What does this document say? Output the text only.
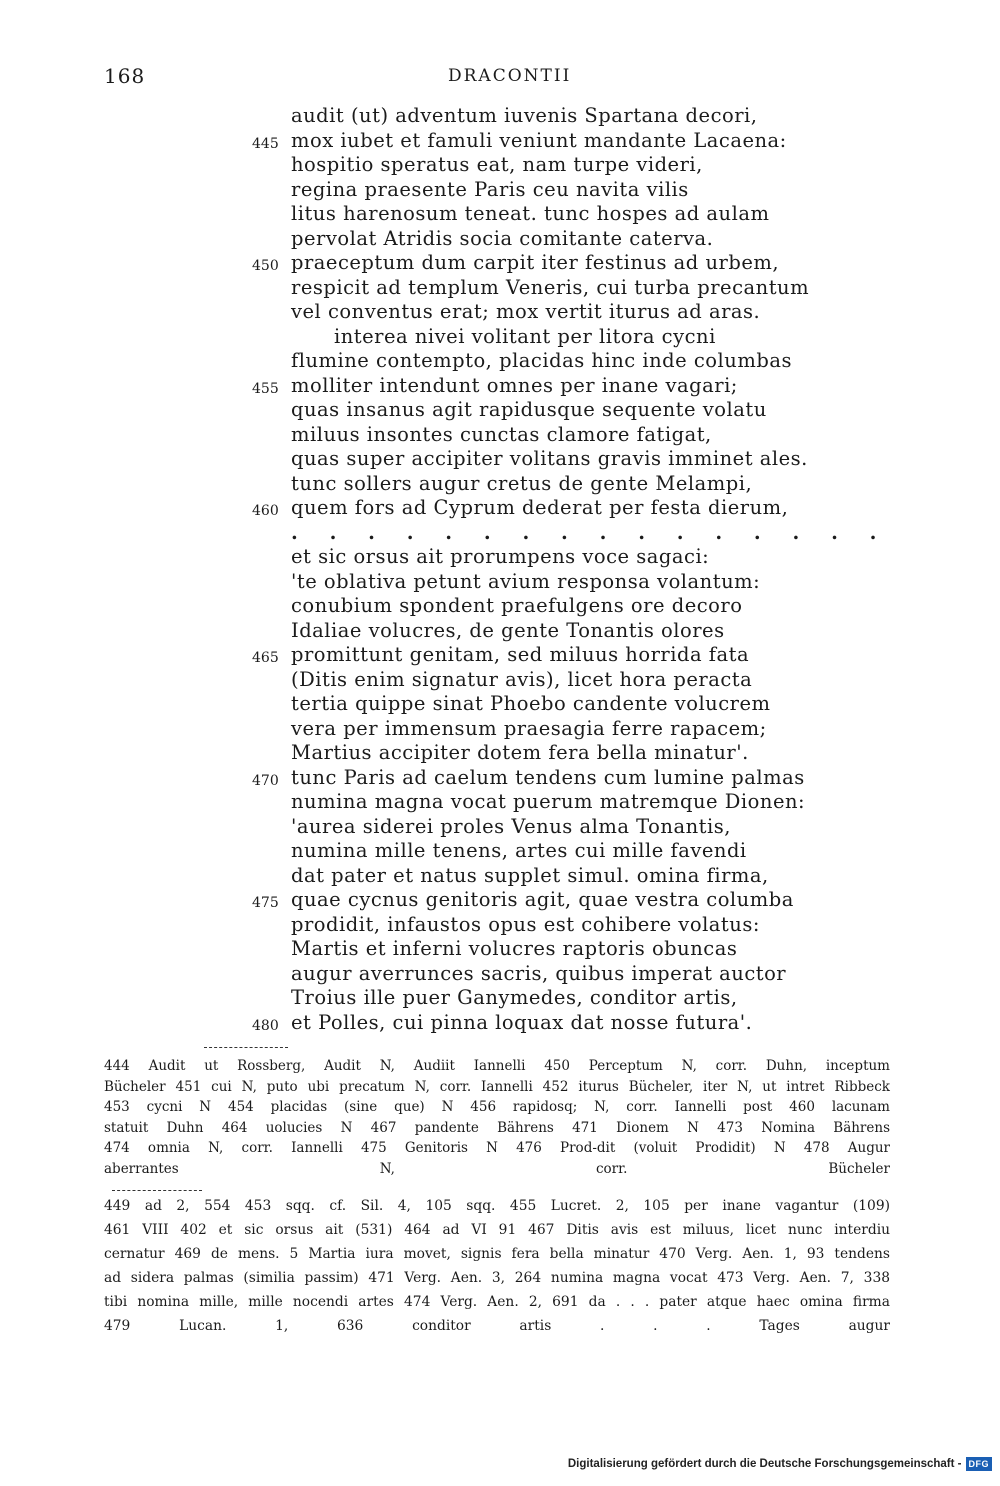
168	DRACONTII
audit (ut) adventum iuvenis Spartana decori,
445 mox iubet et famuli veniunt mandante Lacaena:
hospitio speratus eat, nam turpe videri,
regina praesente Paris ceu navita vilis
litus harenosum teneat. tunc hospes ad aulam
pervolat Atridis socia comitante caterva.
450 praeceptum dum carpit iter festinus ad urbem,
respicit ad templum Veneris, cui turba precantum
vel conventus erat; mox vertit iturus ad aras.
interea nivei volitant per litora cycni
flumine contempto, placidas hinc inde columbas
455 molliter intendunt omnes per inane vagari;
quas insanus agit rapidusque sequente volatu
miluus insontes cunctas clamore fatigat,
quas super accipiter volitans gravis imminet ales.
tunc sollers augur cretus de gente Melampi,
460 quem fors ad Cyprum dederat per festa dierum,
. . . . . . . . . . . . . . . .
et sic orsus ait prorumpens voce sagaci:
'te oblativa petunt avium responsa volantum:
conubium spondent praefulgens ore decoro
Idaliae volucres, de gente Tonantis olores
465 promittunt genitam, sed miluus horrida fata
(Ditis enim signatur avis), licet hora peracta
tertia quippe sinat Phoebo candente volucrem
vera per immensum praesagia ferre rapacem;
Martius accipiter dotem fera bella minatur'.
470 tunc Paris ad caelum tendens cum lumine palmas
numina magna vocat puerum matremque Dionen:
'aurea siderei proles Venus alma Tonantis,
numina mille tenens, artes cui mille favendi
dat pater et natus supplet simul. omina firma,
475 quae cycnus genitoris agit, quae vestra columba
prodidit, infaustos opus est cohibere volatus:
Martis et inferni volucres raptoris obuncas
augur averrunces sacris, quibus imperat auctor
Troius ille puer Ganymedes, conditor artis,
480 et Polles, cui pinna loquax dat nosse futura'.
444 Audit ut Rossberg, Audit N, Audiit Iannelli 450 Perceptum N, corr. Duhn, inceptum
Bücheler 451 cui N, puto ubi precatum N, corr. Iannelli 452 iturus Bücheler, iter N, ut intret Ribbeck
453 cycni N 454 placidas (sine que) N 456 rapidosq; N, corr. Iannelli post 460 lacunam
statuit Duhn 464 uolucies N 467 pandente Bährens 471 Dionem N 473 Nomina Bährens
474 omnia N, corr. Iannelli 475 Genitoris N 476 Prod-dit (voluit Prodidit) N 478 Augur
aberrantes N, corr. Bücheler
449 ad 2, 554 453 sqq. cf. Sil. 4, 105 sqq. 455 Lucret. 2, 105 per inane vagantur (109)
461 VIII 402 et sic orsus ait (531) 464 ad VI 91 467 Ditis avis est miluus, licet nunc interdiu
cernatur 469 de mens. 5 Martia iura movet, signis fera bella minatur 470 Verg. Aen. 1, 93 tendens
ad sidera palmas (similia passim) 471 Verg. Aen. 3, 264 numina magna vocat 473 Verg. Aen. 7, 338
tibi nomina mille, mille nocendi artes 474 Verg. Aen. 2, 691 da . . . pater atque haec omina firma
479 Lucan. 1, 636 conditor artis . . . Tages augur
Digitalisierung gefördert durch die Deutsche Forschungsgemeinschaft - DFG
